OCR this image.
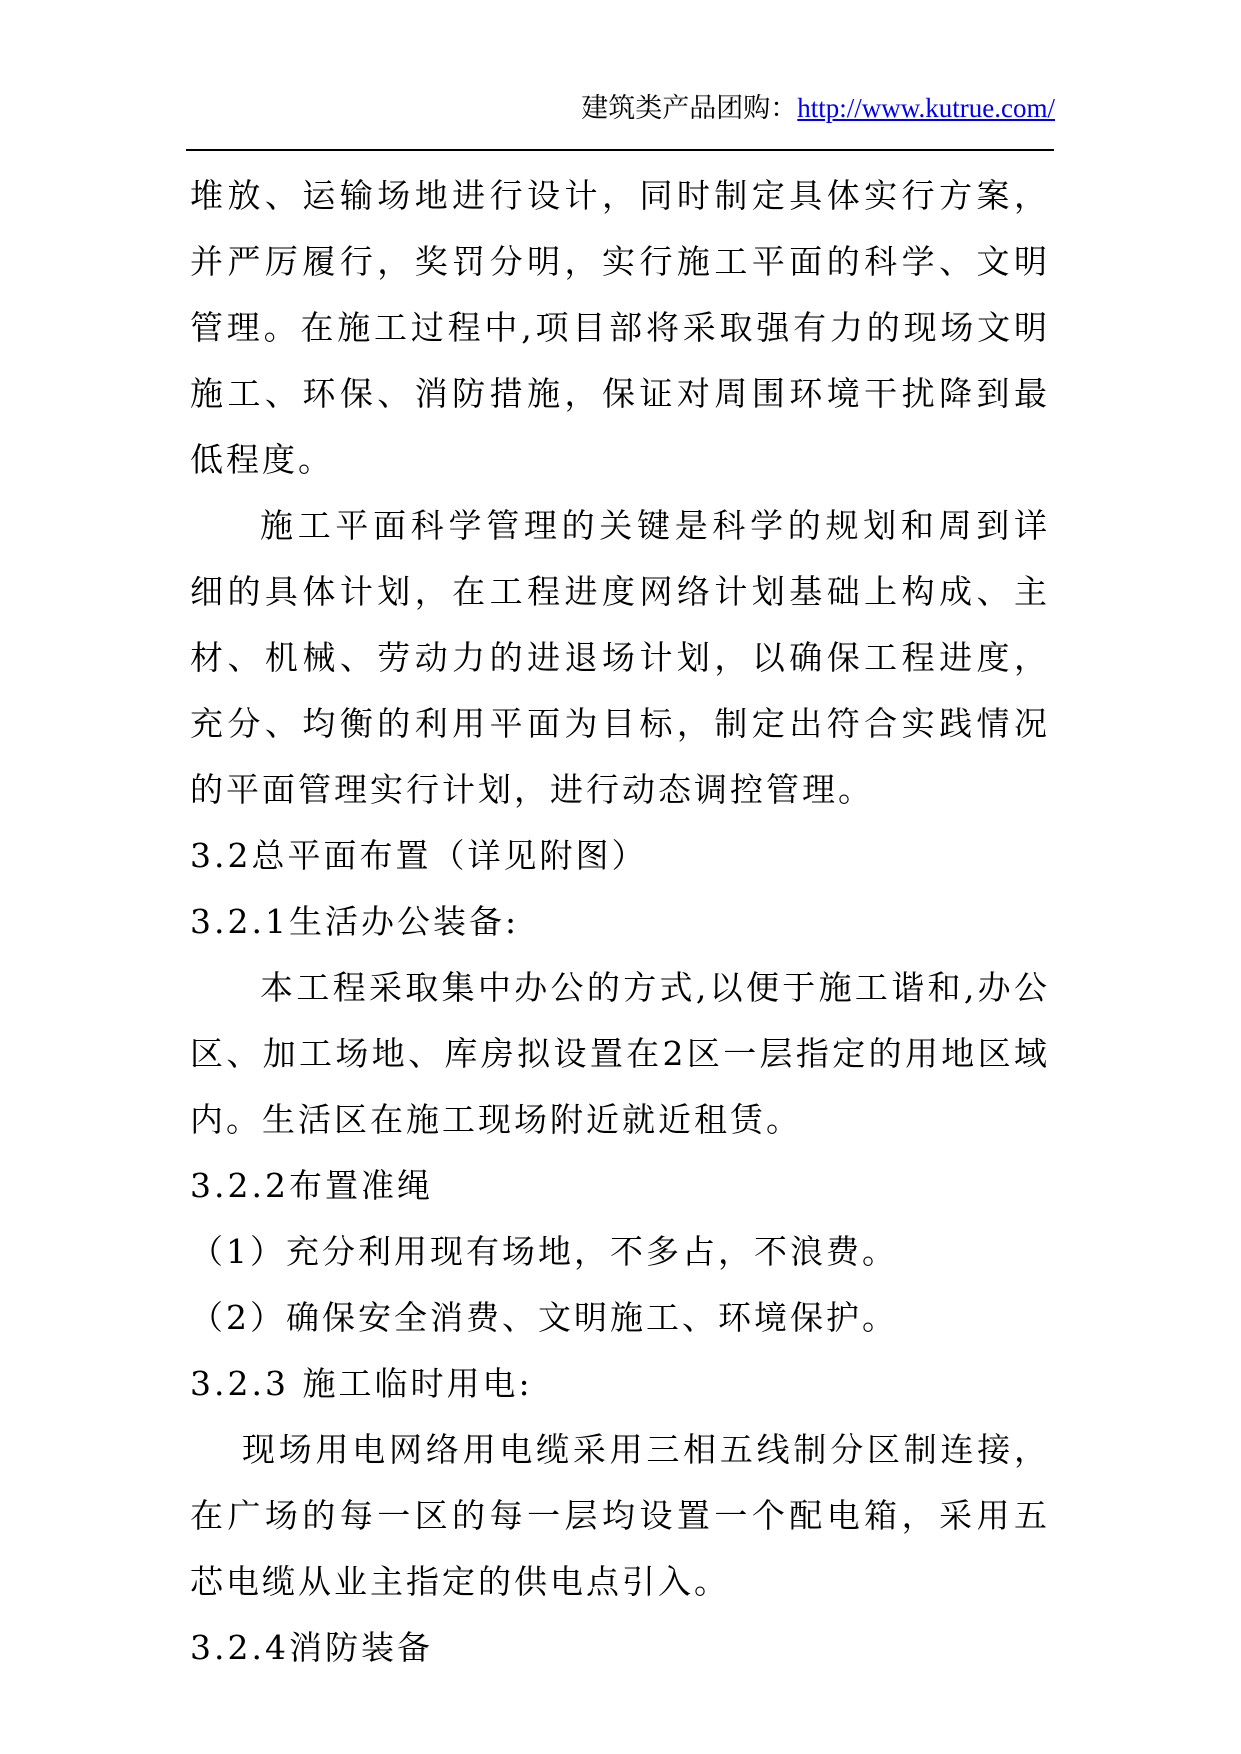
建筑类产品团购：http://www.kutrue.com/

堆放、运输场地进行设计，同时制定具体实行方案，并严厉履行，奖罚分明，实行施工平面的科学、文明管理。在施工过程中,项目部将采取强有力的现场文明施工、环保、消防措施，保证对周围环境干扰降到最低程度。

施工平面科学管理的关键是科学的规划和周到详细的具体计划，在工程进度网络计划基础上构成、主材、机械、劳动力的进退场计划，以确保工程进度，充分、均衡的利用平面为目标，制定出符合实践情况的平面管理实行计划，进行动态调控管理。

3.2总平面布置（详见附图）

3.2.1生活办公装备:

本工程采取集中办公的方式,以便于施工谐和,办公区、加工场地、库房拟设置在2区一层指定的用地区域内。生活区在施工现场附近就近租赁。

3.2.2布置准绳

（1）充分利用现有场地，不多占，不浪费。

（2）确保安全消费、文明施工、环境保护。

3.2.3 施工临时用电:

现场用电网络用电缆采用三相五线制分区制连接，在广场的每一区的每一层均设置一个配电箱，采用五芯电缆从业主指定的供电点引入。

3.2.4消防装备
